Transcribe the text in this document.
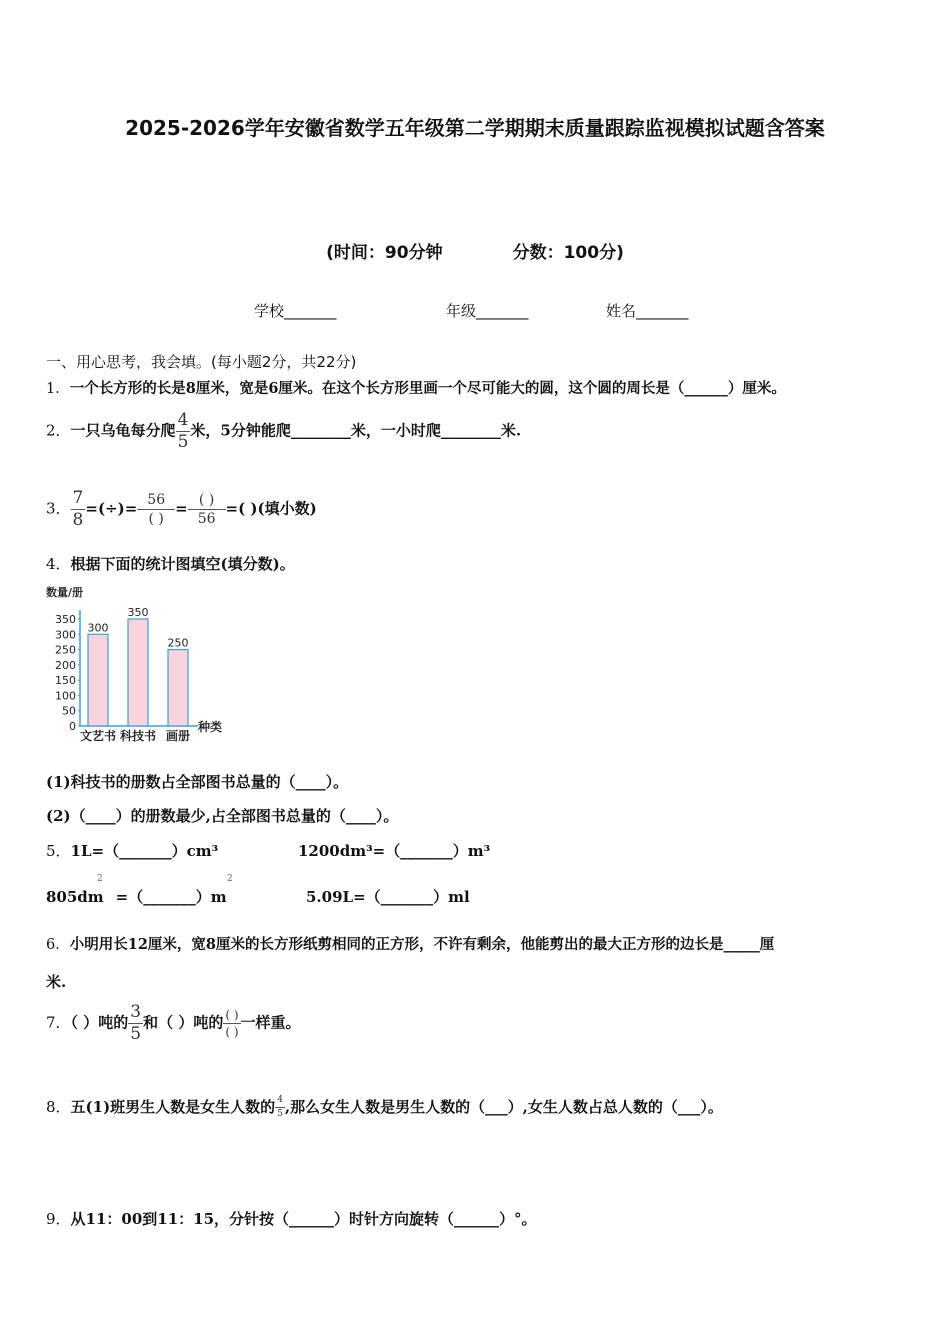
2025-2026学年安徽省数学五年级第二学期期末质量跟踪监视模拟试题含答案
(时间：90分钟	分数：100分)
学校_______	年级_______	姓名_______
一、用心思考，我会填。(每小题2分，共22分)
1．一个长方形的长是8厘米，宽是6厘米。在这个长方形里画一个尽可能大的圆，这个圆的周长是（______）厘米。
2．一只乌龟每分爬 $\frac{4}{5}$ 米，5分钟能爬________米，一小时爬________米.
3． $\frac{7}{8}$ =(÷)= $\frac{56}{( )} = \frac{( )}{56}$ =( )(填小数)
4．根据下面的统计图填空(填分数)。
数量/册
350
300
250
200
150
100
50
0
300
文艺书
350
科技书
250
画册
种类
(1)科技书的册数占全部图书总量的（____）。
(2)（____）的册数最少,占全部图书总量的（____）。
5．1L=（_______）cm³	1200dm³=（_______）m³
805dm =（_______）m
2	2
5.09L=（_______）ml
6．小明用长12厘米，宽8厘米的长方形纸剪相同的正方形，不许有剩余，他能剪出的最大正方形的边长是_____厘
米.
7．（ ）吨的 $\frac{3}{5}$ 和（ ）吨的 $\frac{( )}{( )}$ 一样重。
8．五(1)班男生人数是女生人数的 $\frac{4}{5}$ ,那么女生人数是男生人数的（___）,女生人数占总人数的（___）。
9．从11：00到11：15，分针按（______）时针方向旋转（______）°。
